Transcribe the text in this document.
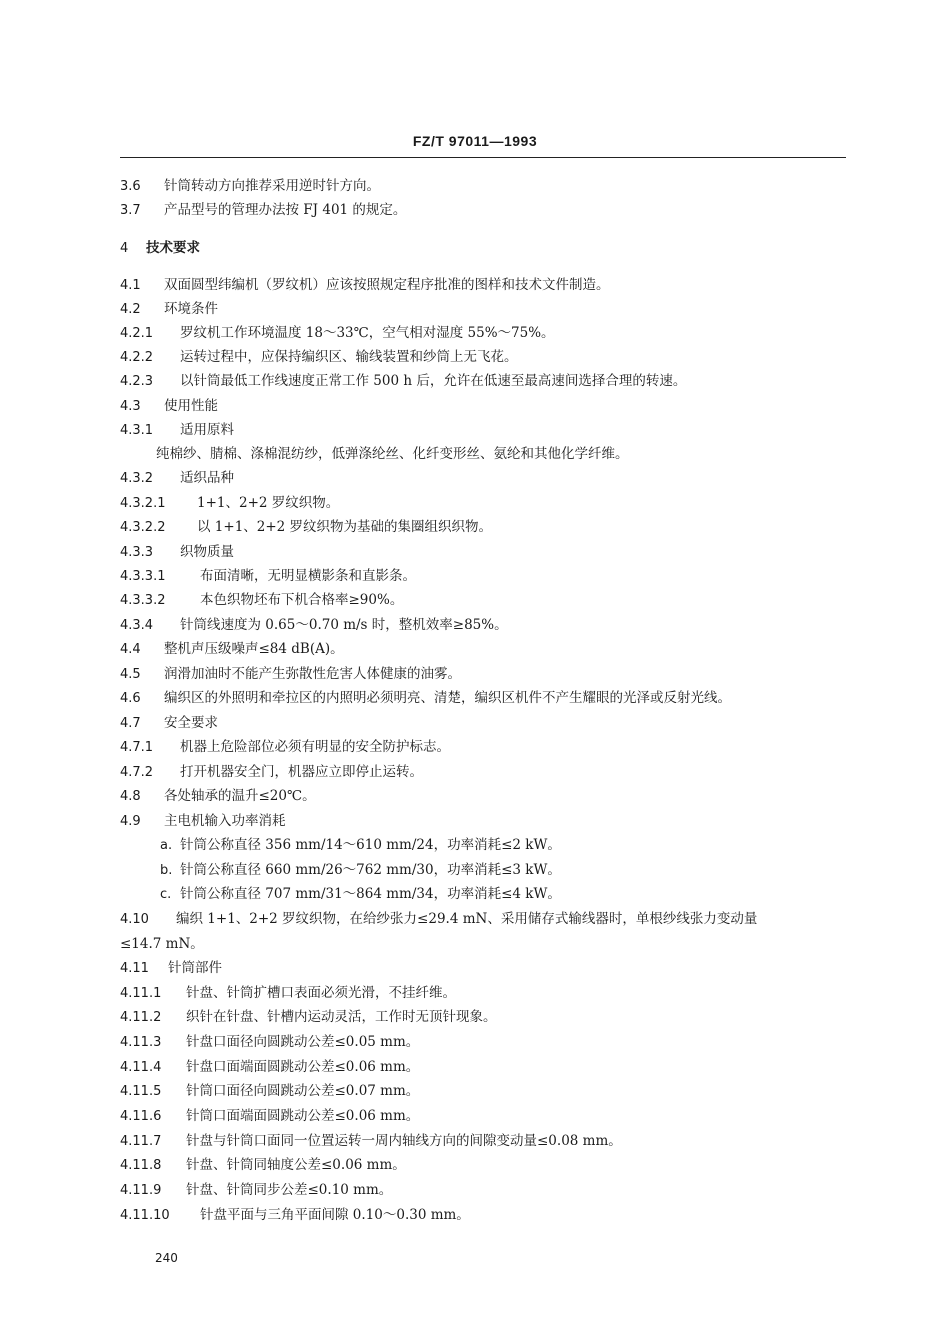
FZ/T 97011—1993
3.6 针筒转动方向推荐采用逆时针方向。
3.7 产品型号的管理办法按 FJ 401 的规定。
4 技术要求
4.1 双面圆型纬编机（罗纹机）应该按照规定程序批准的图样和技术文件制造。
4.2 环境条件
4.2.1 罗纹机工作环境温度 18～33℃，空气相对湿度 55%～75%。
4.2.2 运转过程中，应保持编织区、输线装置和纱筒上无飞花。
4.2.3 以针筒最低工作线速度正常工作 500 h 后，允许在低速至最高速间选择合理的转速。
4.3 使用性能
4.3.1 适用原料
纯棉纱、腈棉、涤棉混纺纱，低弹涤纶丝、化纤变形丝、氨纶和其他化学纤维。
4.3.2 适织品种
4.3.2.1 1+1、2+2 罗纹织物。
4.3.2.2 以 1+1、2+2 罗纹织物为基础的集圈组织织物。
4.3.3 织物质量
4.3.3.1	布面清晰，无明显横影条和直影条。
4.3.3.2	本色织物坯布下机合格率≥90%。
4.3.4 针筒线速度为 0.65～0.70 m/s 时，整机效率≥85%。
4.4 整机声压级噪声≤84 dB(A)。
4.5 润滑加油时不能产生弥散性危害人体健康的油雾。
4.6 编织区的外照明和牵拉区的内照明必须明亮、清楚，编织区机件不产生耀眼的光泽或反射光线。
4.7 安全要求
4.7.1 机器上危险部位必须有明显的安全防护标志。
4.7.2 打开机器安全门，机器应立即停止运转。
4.8 各处轴承的温升≤20℃。
4.9 主电机输入功率消耗
a. 针筒公称直径 356 mm/14～610 mm/24，功率消耗≤2 kW。
b. 针筒公称直径 660 mm/26～762 mm/30，功率消耗≤3 kW。
c. 针筒公称直径 707 mm/31～864 mm/34，功率消耗≤4 kW。
4.10 编织 1+1、2+2 罗纹织物，在给纱张力≤29.4 mN、采用储存式输线器时，单根纱线张力变动量
≤14.7 mN。
4.11 针筒部件
4.11.1 针盘、针筒扩槽口表面必须光滑，不挂纤维。
4.11.2 织针在针盘、针槽内运动灵活，工作时无顶针现象。
4.11.3 针盘口面径向圆跳动公差≤0.05 mm。
4.11.4 针盘口面端面圆跳动公差≤0.06 mm。
4.11.5 针筒口面径向圆跳动公差≤0.07 mm。
4.11.6 针筒口面端面圆跳动公差≤0.06 mm。
4.11.7 针盘与针筒口面同一位置运转一周内轴线方向的间隙变动量≤0.08 mm。
4.11.8 针盘、针筒同轴度公差≤0.06 mm。
4.11.9 针盘、针筒同步公差≤0.10 mm。
4.11.10 针盘平面与三角平面间隙 0.10～0.30 mm。
240
